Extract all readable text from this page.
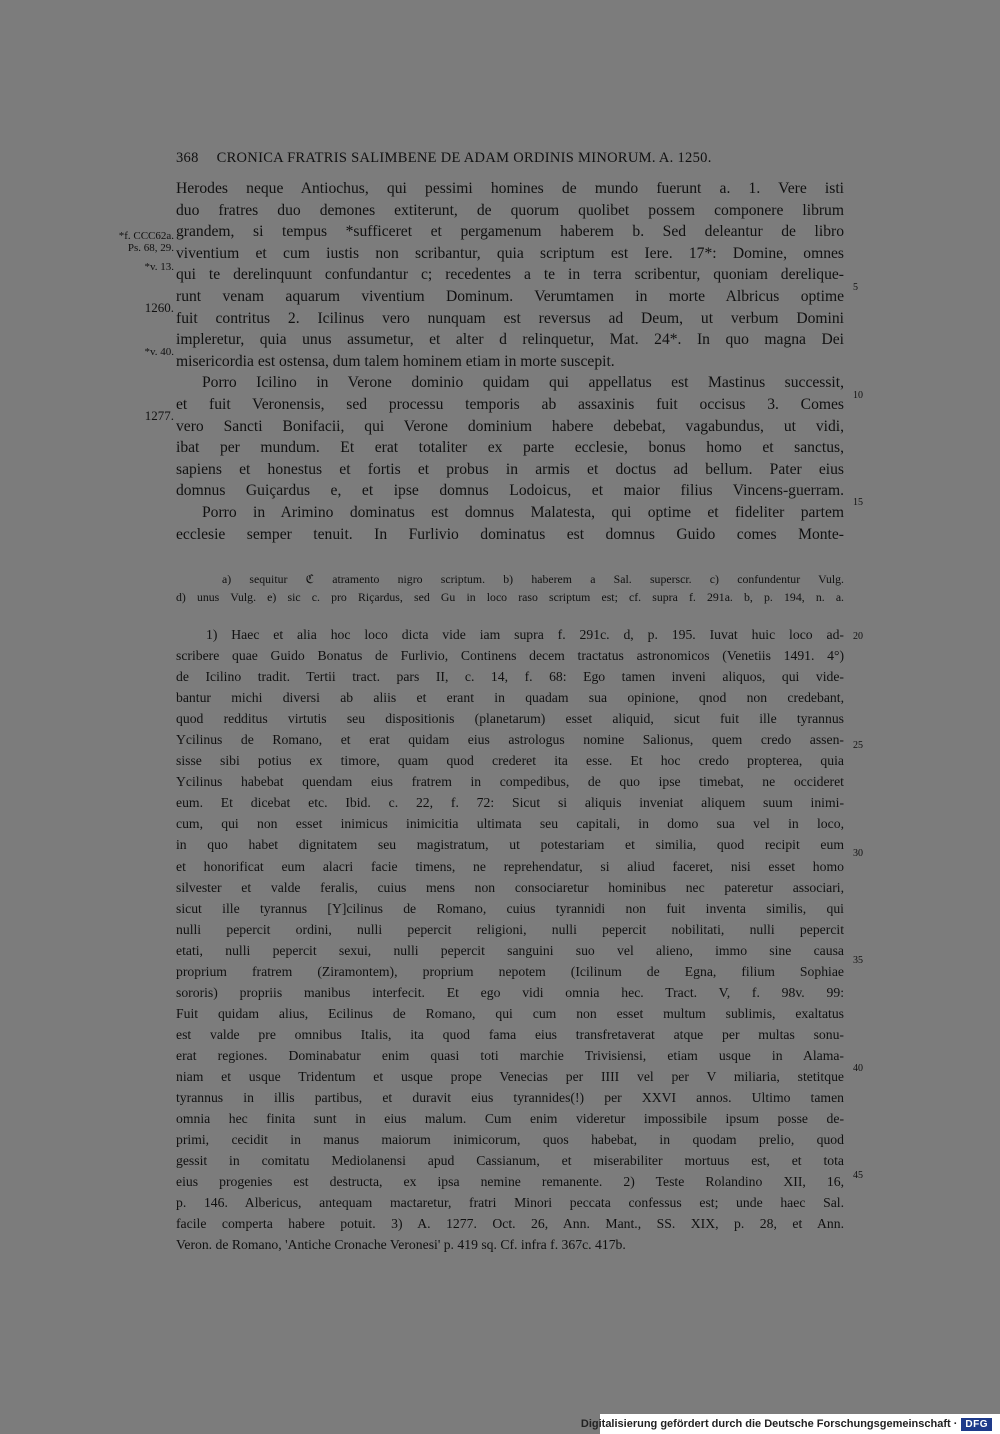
368 CRONICA FRATRIS SALIMBENE DE ADAM ORDINIS MINORUM. A. 1250.
*f. CCC62a.
Ps. 68, 29.
*v. 13.
1260.
*v. 40.
1277.
5
10
15
20
25
30
35
40
45
Herodes neque Antiochus, qui pessimi homines de mundo fuerunt a. 1. Vere isti
duo fratres duo demones extiterunt, de quorum quolibet possem componere librum
grandem, si tempus *sufficeret et pergamenum haberem b. Sed deleantur de libro
viventium et cum iustis non scribantur, quia scriptum est Iere. 17*: Domine, omnes
qui te derelinquunt confundantur c; recedentes a te in terra scribentur, quoniam derelique-
runt venam aquarum viventium Dominum. Verumtamen in morte Albricus optime
fuit contritus 2. Icilinus vero nunquam est reversus ad Deum, ut verbum Domini
impleretur, quia unus assumetur, et alter d relinquetur, Mat. 24*. In quo magna Dei
misericordia est ostensa, dum talem hominem etiam in morte suscepit.
Porro Icilino in Verone dominio quidam qui appellatus est Mastinus successit,
et fuit Veronensis, sed processu temporis ab assaxinis fuit occisus 3. Comes
vero Sancti Bonifacii, qui Verone dominium habere debebat, vagabundus, ut vidi,
ibat per mundum. Et erat totaliter ex parte ecclesie, bonus homo et sanctus,
sapiens et honestus et fortis et probus in armis et doctus ad bellum. Pater eius
domnus Guiçardus e, et ipse domnus Lodoicus, et maior filius Vincens-guerram.
Porro in Arimino dominatus est domnus Malatesta, qui optime et fideliter partem
ecclesie semper tenuit. In Furlivio dominatus est domnus Guido comes Monte-
a) sequitur ℭ atramento nigro scriptum. b) haberem a Sal. superscr. c) confundentur Vulg.
d) unus Vulg. e) sic c. pro Riçardus, sed Gu in loco raso scriptum est; cf. supra f. 291a. b, p. 194, n. a.
1) Haec et alia hoc loco dicta vide iam supra f. 291c. d, p. 195. Iuvat huic loco ad-
scribere quae Guido Bonatus de Furlivio, Continens decem tractatus astronomicos (Venetiis 1491. 4°)
de Icilino tradit. Tertii tract. pars II, c. 14, f. 68: Ego tamen inveni aliquos, qui vide-
bantur michi diversi ab aliis et erant in quadam sua opinione, qnod non credebant,
quod redditus virtutis seu dispositionis (planetarum) esset aliquid, sicut fuit ille tyrannus
Ycilinus de Romano, et erat quidam eius astrologus nomine Salionus, quem credo assen-
sisse sibi potius ex timore, quam quod crederet ita esse. Et hoc credo propterea, quia
Ycilinus habebat quendam eius fratrem in compedibus, de quo ipse timebat, ne occideret
eum. Et dicebat etc. Ibid. c. 22, f. 72: Sicut si aliquis inveniat aliquem suum inimi-
cum, qui non esset inimicus inimicitia ultimata seu capitali, in domo sua vel in loco,
in quo habet dignitatem seu magistratum, ut potestariam et similia, quod recipit eum
et honorificat eum alacri facie timens, ne reprehendatur, si aliud faceret, nisi esset homo
silvester et valde feralis, cuius mens non consociaretur hominibus nec pateretur associari,
sicut ille tyrannus [Y]cilinus de Romano, cuius tyrannidi non fuit inventa similis, qui
nulli pepercit ordini, nulli pepercit religioni, nulli pepercit nobilitati, nulli pepercit
etati, nulli pepercit sexui, nulli pepercit sanguini suo vel alieno, immo sine causa
proprium fratrem (Ziramontem), proprium nepotem (Icilinum de Egna, filium Sophiae
sororis) propriis manibus interfecit. Et ego vidi omnia hec. Tract. V, f. 98v. 99:
Fuit quidam alius, Ecilinus de Romano, qui cum non esset multum sublimis, exaltatus
est valde pre omnibus Italis, ita quod fama eius transfretaverat atque per multas sonu-
erat regiones. Dominabatur enim quasi toti marchie Trivisiensi, etiam usque in Alama-
niam et usque Tridentum et usque prope Venecias per IIII vel per V miliaria, stetitque
tyrannus in illis partibus, et duravit eius tyrannides(!) per XXVI annos. Ultimo tamen
omnia hec finita sunt in eius malum. Cum enim videretur impossibile ipsum posse de-
primi, cecidit in manus maiorum inimicorum, quos habebat, in quodam prelio, quod
gessit in comitatu Mediolanensi apud Cassianum, et miserabiliter mortuus est, et tota
eius progenies est destructa, ex ipsa nemine remanente. 2) Teste Rolandino XII, 16,
p. 146. Albericus, antequam mactaretur, fratri Minori peccata confessus est; unde haec Sal.
facile comperta habere potuit. 3) A. 1277. Oct. 26, Ann. Mant., SS. XIX, p. 28, et Ann.
Veron. de Romano, 'Antiche Cronache Veronesi' p. 419 sq. Cf. infra f. 367c. 417b.
Digitalisierung gefördert durch die Deutsche Forschungsgemeinschaft · DFG
